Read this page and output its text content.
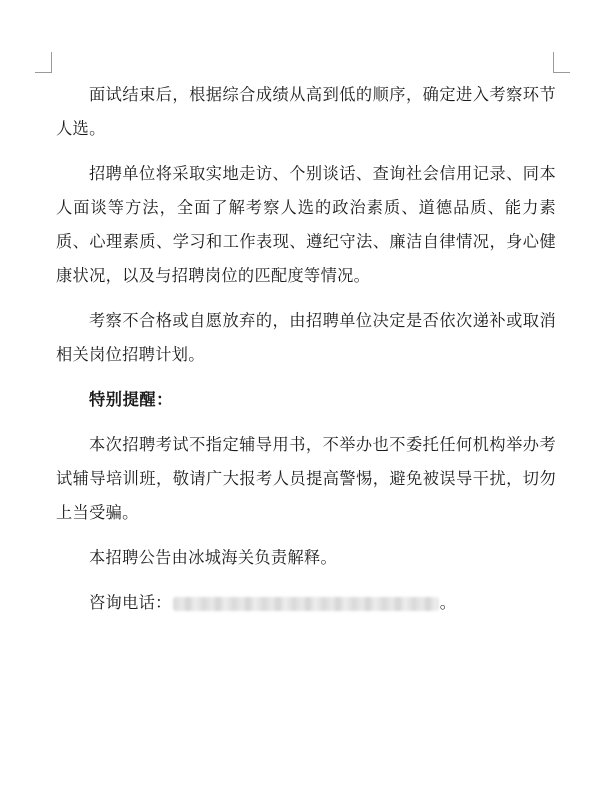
面试结束后，根据综合成绩从高到低的顺序，确定进入考察环节人选。

招聘单位将采取实地走访、个别谈话、查询社会信用记录、同本人面谈等方法，全面了解考察人选的政治素质、道德品质、能力素质、心理素质、学习和工作表现、遵纪守法、廉洁自律情况，身心健康状况，以及与招聘岗位的匹配度等情况。

考察不合格或自愿放弃的，由招聘单位决定是否依次递补或取消相关岗位招聘计划。

特别提醒：

本次招聘考试不指定辅导用书，不举办也不委托任何机构举办考试辅导培训班，敬请广大报考人员提高警惕，避免被误导干扰，切勿上当受骗。

本招聘公告由冰城海关负责解释。

咨询电话：	。
